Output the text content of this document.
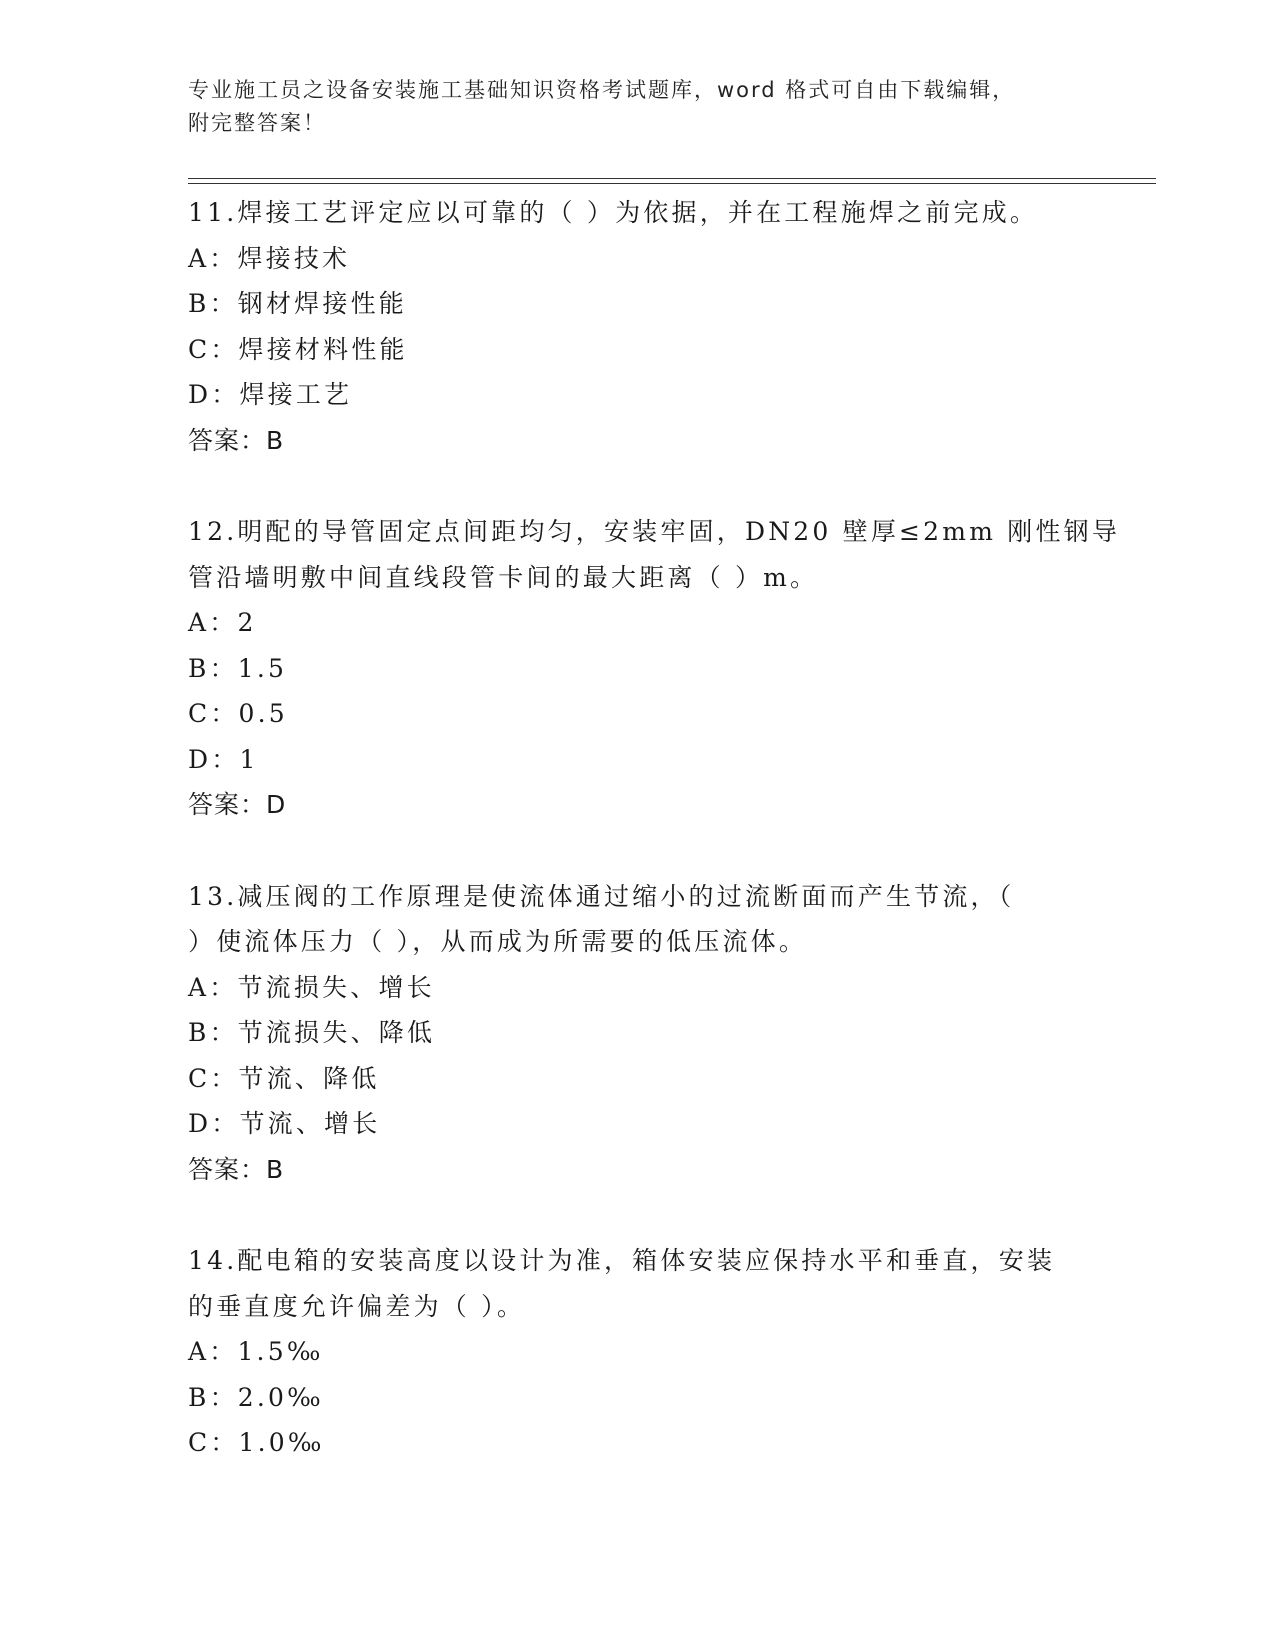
专业施工员之设备安装施工基础知识资格考试题库，word 格式可自由下载编辑，
附完整答案！
11.焊接工艺评定应以可靠的（ ）为依据，并在工程施焊之前完成。
A：焊接技术
B：钢材焊接性能
C：焊接材料性能
D：焊接工艺
答案：B
12.明配的导管固定点间距均匀，安装牢固，DN20 壁厚≤2mm 刚性钢导
管沿墙明敷中间直线段管卡间的最大距离（ ）m。
A：2
B：1.5
C：0.5
D：1
答案：D
13.减压阀的工作原理是使流体通过缩小的过流断面而产生节流，（
）使流体压力（ ），从而成为所需要的低压流体。
A：节流损失、增长
B：节流损失、降低
C：节流、降低
D：节流、增长
答案：B
14.配电箱的安装高度以设计为准，箱体安装应保持水平和垂直，安装
的垂直度允许偏差为（ ）。
A：1.5‰
B：2.0‰
C：1.0‰
